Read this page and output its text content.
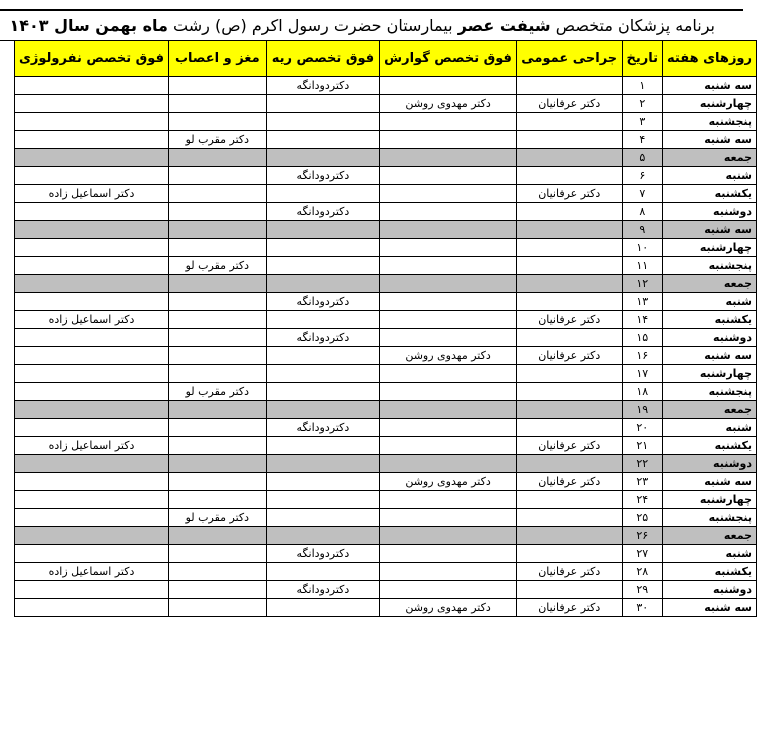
برنامه پزشکان متخصص شیفت عصر بیمارستان حضرت رسول اکرم (ص) رشت ماه بهمن سال ۱۴۰۳
روزهای هفته	تاریخ	جراحی عمومی	فوق تخصص گوارش	فوق تخصص ریه	مغز و اعصاب	فوق تخصص نفرولوژی
سه شنبه	۱			دکتردودانگه		
چهارشنبه	۲	دکتر عرفانیان	دکتر مهدوی روشن			
پنجشنبه	۳					
سه شنبه	۴				دکتر مقرب لو	
جمعه	۵					
شنبه	۶			دکتردودانگه		
یکشنبه	۷	دکتر عرفانیان				دکتر اسماعیل زاده
دوشنبه	۸			دکتردودانگه		
سه شنبه	۹					
چهارشنبه	۱۰					
پنجشنبه	۱۱				دکتر مقرب لو	
جمعه	۱۲					
شنبه	۱۳			دکتردودانگه		
یکشنبه	۱۴	دکتر عرفانیان				دکتر اسماعیل زاده
دوشنبه	۱۵			دکتردودانگه		
سه شنبه	۱۶	دکتر عرفانیان	دکتر مهدوی روشن			
چهارشنبه	۱۷					
پنجشنبه	۱۸				دکتر مقرب لو	
جمعه	۱۹					
شنبه	۲۰			دکتردودانگه		
یکشنبه	۲۱	دکتر عرفانیان				دکتر اسماعیل زاده
دوشنبه	۲۲					
سه شنبه	۲۳	دکتر عرفانیان	دکتر مهدوی روشن			
چهارشنبه	۲۴					
پنجشنبه	۲۵				دکتر مقرب لو	
جمعه	۲۶					
شنبه	۲۷			دکتردودانگه		
یکشنبه	۲۸	دکتر عرفانیان				دکتر اسماعیل زاده
دوشنبه	۲۹			دکتردودانگه		
سه شنبه	۳۰	دکتر عرفانیان	دکتر مهدوی روشن			
